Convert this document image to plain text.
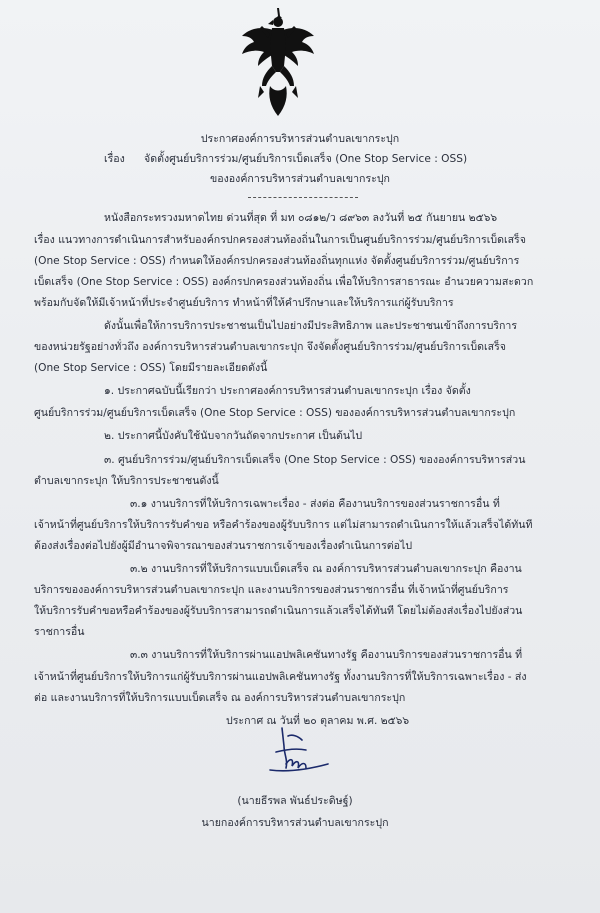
ประกาศองค์การบริหารส่วนตำบลเขากระปุก
เรื่อง จัดตั้งศูนย์บริการร่วม/ศูนย์บริการเบ็ดเสร็จ (One Stop Service : OSS)
ขององค์การบริหารส่วนตำบลเขากระปุก
หนังสือกระทรวงมหาดไทย ด่วนที่สุด ที่ มท ๐๘๑๒/ว ๘๙๖๓ ลงวันที่ ๒๕ กันยายน ๒๕๖๖
เรื่อง แนวทางการดำเนินการสำหรับองค์กรปกครองส่วนท้องถิ่นในการเป็นศูนย์บริการร่วม/ศูนย์บริการเบ็ดเสร็จ
(One Stop Service : OSS) กำหนดให้องค์กรปกครองส่วนท้องถิ่นทุกแห่ง จัดตั้งศูนย์บริการร่วม/ศูนย์บริการ
เบ็ดเสร็จ (One Stop Service : OSS) องค์กรปกครองส่วนท้องถิ่น เพื่อให้บริการสาธารณะ อำนวยความสะดวก
พร้อมกับจัดให้มีเจ้าหน้าที่ประจำศูนย์บริการ ทำหน้าที่ให้คำปรึกษาและให้บริการแก่ผู้รับบริการ
ดังนั้นเพื่อให้การบริการประชาชนเป็นไปอย่างมีประสิทธิภาพ และประชาชนเข้าถึงการบริการ
ของหน่วยรัฐอย่างทั่วถึง องค์การบริหารส่วนตำบลเขากระปุก จึงจัดตั้งศูนย์บริการร่วม/ศูนย์บริการเบ็ดเสร็จ
(One Stop Service : OSS) โดยมีรายละเอียดดังนี้
๑. ประกาศฉบับนี้เรียกว่า ประกาศองค์การบริหารส่วนตำบลเขากระปุก เรื่อง จัดตั้ง
ศูนย์บริการร่วม/ศูนย์บริการเบ็ดเสร็จ (One Stop Service : OSS) ขององค์การบริหารส่วนตำบลเขากระปุก
๒. ประกาศนี้บังคับใช้นับจากวันถัดจากประกาศ เป็นต้นไป
๓. ศูนย์บริการร่วม/ศูนย์บริการเบ็ดเสร็จ (One Stop Service : OSS) ขององค์การบริหารส่วน
ตำบลเขากระปุก ให้บริการประชาชนดังนี้
๓.๑ งานบริการที่ให้บริการเฉพาะเรื่อง - ส่งต่อ คืองานบริการของส่วนราชการอื่น ที่
เจ้าหน้าที่ศูนย์บริการให้บริการรับคำขอ หรือคำร้องของผู้รับบริการ แต่ไม่สามารถดำเนินการให้แล้วเสร็จได้ทันที
ต้องส่งเรื่องต่อไปยังผู้มีอำนาจพิจารณาของส่วนราชการเจ้าของเรื่องดำเนินการต่อไป
๓.๒ งานบริการที่ให้บริการแบบเบ็ดเสร็จ ณ องค์การบริหารส่วนตำบลเขากระปุก คืองาน
บริการขององค์การบริหารส่วนตำบลเขากระปุก และงานบริการของส่วนราชการอื่น ที่เจ้าหน้าที่ศูนย์บริการ
ให้บริการรับคำขอหรือคำร้องของผู้รับบริการสามารถดำเนินการแล้วเสร็จได้ทันที โดยไม่ต้องส่งเรื่องไปยังส่วน
ราชการอื่น
๓.๓ งานบริการที่ให้บริการผ่านแอปพลิเคชันทางรัฐ คืองานบริการของส่วนราชการอื่น ที่
เจ้าหน้าที่ศูนย์บริการให้บริการแก่ผู้รับบริการผ่านแอปพลิเคชันทางรัฐ ทั้งงานบริการที่ให้บริการเฉพาะเรื่อง - ส่ง
ต่อ และงานบริการที่ให้บริการแบบเบ็ดเสร็จ ณ องค์การบริหารส่วนตำบลเขากระปุก
ประกาศ ณ วันที่ ๒๐ ตุลาคม พ.ศ. ๒๕๖๖
(นายธีรพล พันธ์ประดิษฐ์)
นายกองค์การบริหารส่วนตำบลเขากระปุก
